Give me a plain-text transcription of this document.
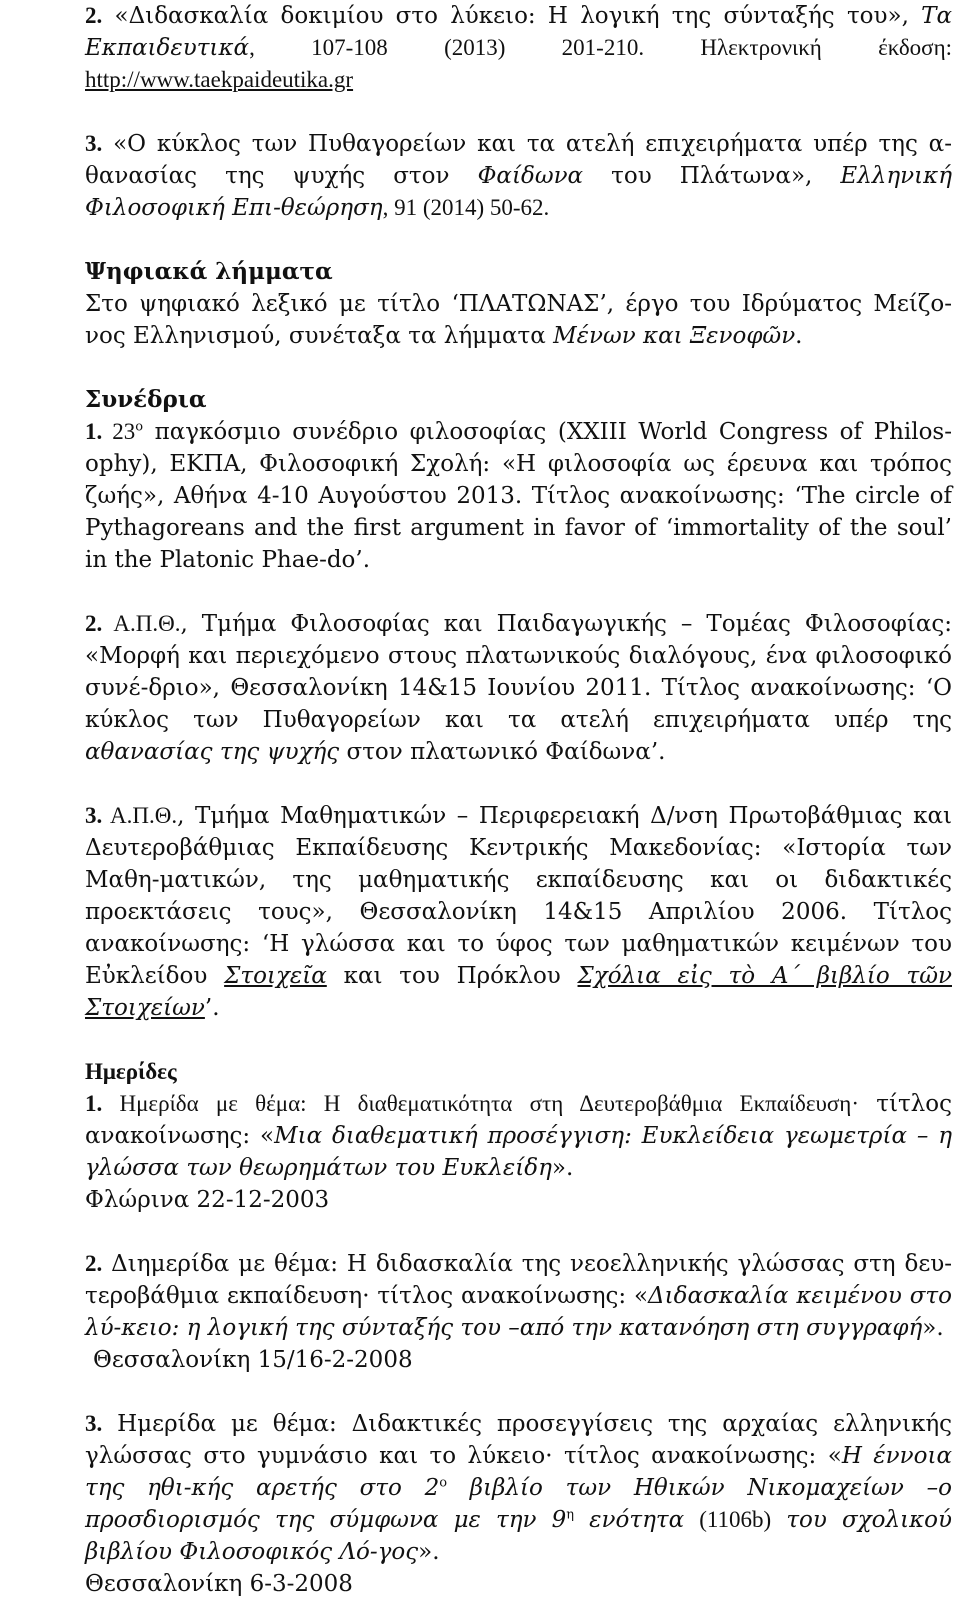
2. «Διδασκαλία δοκιμίου στο λύκειο: Η λογική της σύνταξής του», Τα Εκπαιδευτικά, 107-108 (2013) 201-210. Ηλεκτρονική έκδοση: http://www.taekpaideutika.gr

3. «Ο κύκλος των Πυθαγορείων και τα ατελή επιχειρήματα υπέρ της α-θανασίας της ψυχής στον Φαίδωνα του Πλάτωνα», Ελληνική Φιλοσοφική Επι-θεώρηση, 91 (2014) 50-62.

Ψηφιακά λήμματα

Στο ψηφιακό λεξικό με τίτλο ‘ΠΛΑΤΩΝΑΣ’, έργο του Ιδρύματος Μείζο-νος Ελληνισμού, συνέταξα τα λήμματα Μένων και Ξενοφῶν.

Συνέδρια

1. $23^o$ παγκόσμιο συνέδριο φιλοσοφίας (XXIII World Congress of Philos-ophy), ΕΚΠΑ, Φιλοσοφική Σχολή: «Η φιλοσοφία ως έρευνα και τρόπος ζωής», Αθήνα 4-10 Αυγούστου 2013. Τίτλος ανακοίνωσης: ‘The circle of Pythagoreans and the first argument in favor of ‘immortality of the soul’ in the Platonic Phae-do’.

2. Α.Π.Θ., Τμήμα Φιλοσοφίας και Παιδαγωγικής – Τομέας Φιλοσοφίας: «Μορφή και περιεχόμενο στους πλατωνικούς διαλόγους, ένα φιλοσοφικό συνέ-δριο», Θεσσαλονίκη 14&15 Ιουνίου 2011. Τίτλος ανακοίνωσης: ‘Ο κύκλος των Πυθαγορείων και τα ατελή επιχειρήματα υπέρ της αθανασίας της ψυχής στον πλατωνικό Φαίδωνα’.

3. Α.Π.Θ., Τμήμα Μαθηματικών – Περιφερειακή Δ/νση Πρωτοβάθμιας και Δευτεροβάθμιας Εκπαίδευσης Κεντρικής Μακεδονίας: «Ιστορία των Μαθη-ματικών, της μαθηματικής εκπαίδευσης και οι διδακτικές προεκτάσεις τους», Θεσσαλονίκη 14&15 Απριλίου 2006. Τίτλος ανακοίνωσης: ‘Η γλώσσα και το ύφος των μαθηματικών κειμένων του Εὐκλείδου Στοιχεῖα και του Πρόκλου Σχόλια εἰς τὸ Α΄ βιβλίο τῶν Στοιχείων’.

Ημερίδες

1. Ημερίδα με θέμα: Η διαθεματικότητα στη Δευτεροβάθμια Εκπαίδευση· τίτλος ανακοίνωσης: «Μια διαθεματική προσέγγιση: Ευκλείδεια γεωμετρία – η γλώσσα των θεωρημάτων του Ευκλείδη».

Φλώρινα 22-12-2003

2. Διημερίδα με θέμα: Η διδασκαλία της νεοελληνικής γλώσσας στη δευ-τεροβάθμια εκπαίδευση· τίτλος ανακοίνωσης: «Διδασκαλία κειμένου στο λύ-κειο: η λογική της σύνταξής του –από την κατανόηση στη συγγραφή».

Θεσσαλονίκη 15/16-2-2008

3. Ημερίδα με θέμα: Διδακτικές προσεγγίσεις της αρχαίας ελληνικής γλώσσας στο γυμνάσιο και το λύκειο· τίτλος ανακοίνωσης: «Η έννοια της ηθι-κής αρετής στο $2^o$ βιβλίο των Ηθικών Νικομαχείων –ο προσδιορισμός της σύμφωνα με την $9^\eta$ ενότητα (1106b) του σχολικού βιβλίου Φιλοσοφικός Λό-γος».

Θεσσαλονίκη 6-3-2008
